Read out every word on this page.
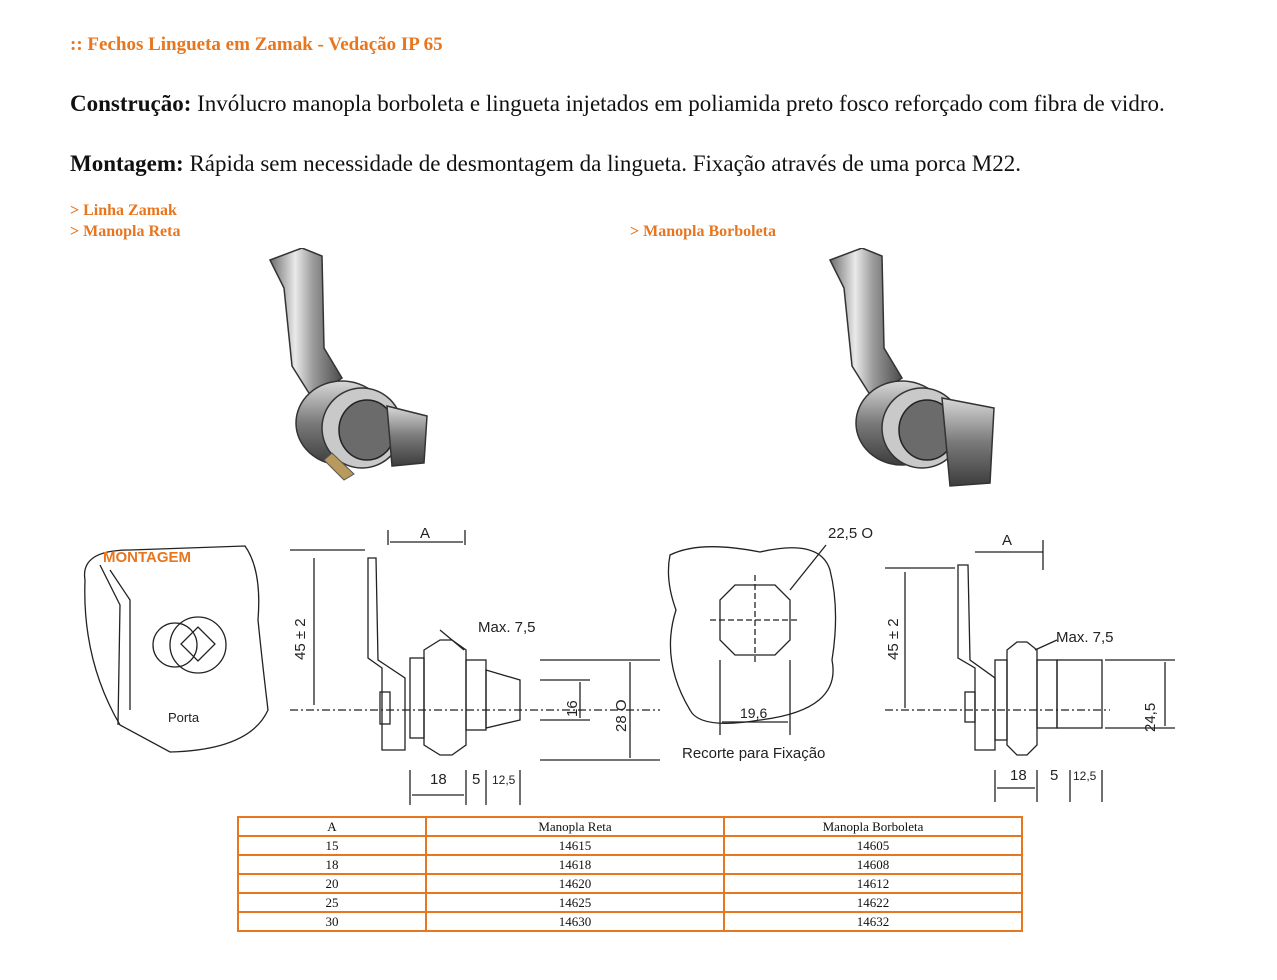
:: Fechos Lingueta em Zamak - Vedação IP 65
Construção: Invólucro manopla borboleta e lingueta injetados em poliamida preto fosco reforçado com fibra de vidro.
Montagem: Rápida sem necessidade de desmontagem da lingueta. Fixação através de uma porca M22.
> Linha Zamak
> Manopla Reta	> Manopla Borboleta
MONTAGEM
Porta
A
45 ± 2	Max. 7,5
16 28 O
18 5 12,5
22,5 O
19,6
Recorte para Fixação
A
45 ± 2	Max. 7,5
24,5
18 5 12,5
A	Manopla Reta	Manopla Borboleta
15	14615	14605
18	14618	14608
20	14620	14612
25	14625	14622
30	14630	14632
